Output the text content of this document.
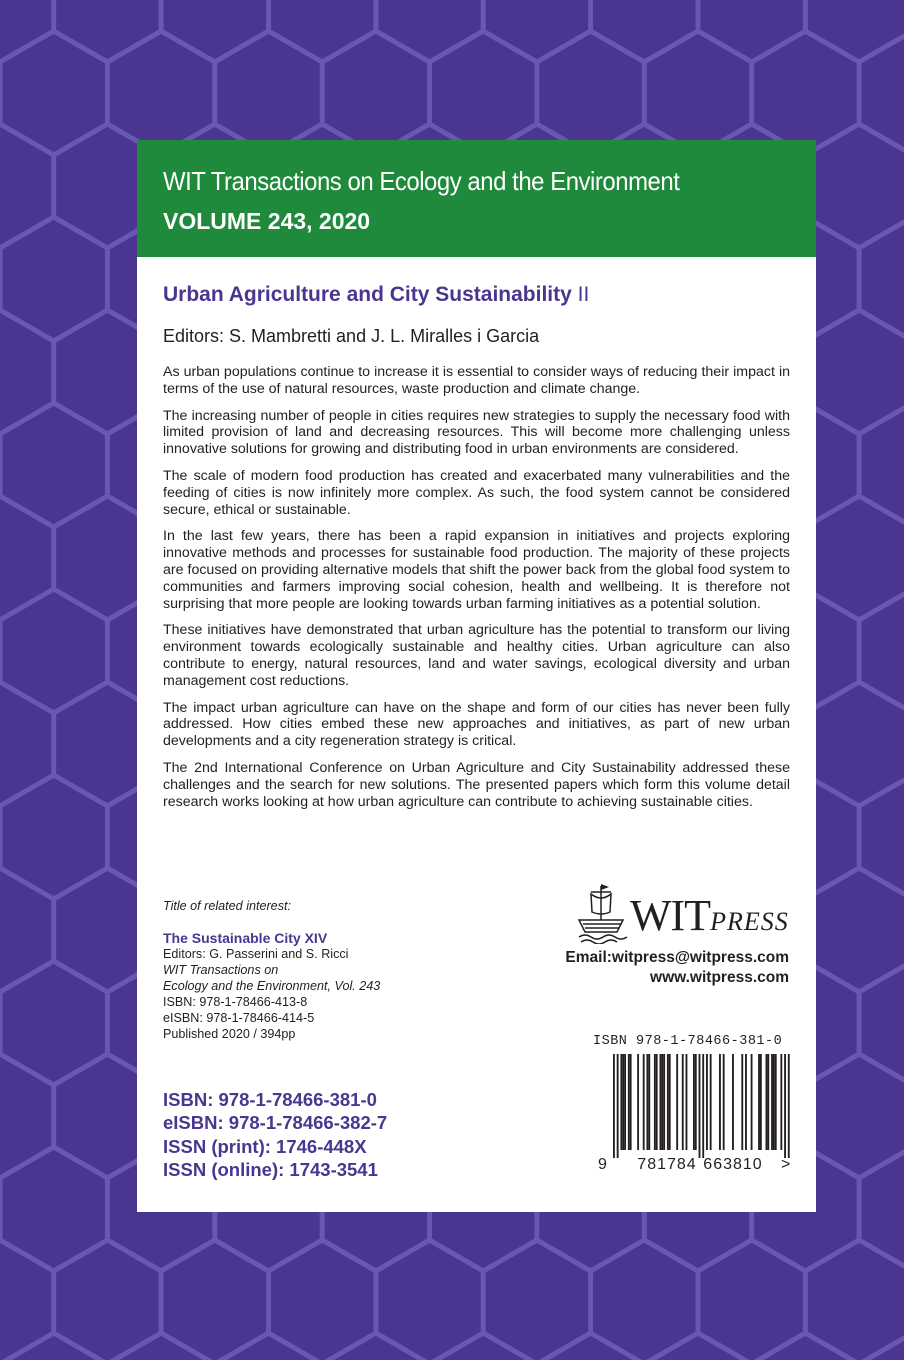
WIT Transactions on Ecology and the Environment
VOLUME 243, 2020
Urban Agriculture and City Sustainability II
Editors: S. Mambretti and J. L. Miralles i Garcia

As urban populations continue to increase it is essential to consider ways of reducing their impact in terms of the use of natural resources, waste production and climate change.

The increasing number of people in cities requires new strategies to supply the necessary food with limited provision of land and decreasing resources. This will become more challenging unless innovative solutions for growing and distributing food in urban environments are considered.

The scale of modern food production has created and exacerbated many vulnerabilities and the feeding of cities is now infinitely more complex. As such, the food system cannot be considered secure, ethical or sustainable.

In the last few years, there has been a rapid expansion in initiatives and projects exploring innovative methods and processes for sustainable food production. The majority of these projects are focused on providing alternative models that shift the power back from the global food system to communities and farmers improving social cohesion, health and wellbeing. It is therefore not surprising that more people are looking towards urban farming initiatives as a potential solution.

These initiatives have demonstrated that urban agriculture has the potential to transform our living environment towards ecologically sustainable and healthy cities. Urban agriculture can also contribute to energy, natural resources, land and water savings, ecological diversity and urban management cost reductions.

The impact urban agriculture can have on the shape and form of our cities has never been fully addressed. How cities embed these new approaches and initiatives, as part of new urban developments and a city regeneration strategy is critical.

The 2nd International Conference on Urban Agriculture and City Sustainability addressed these challenges and the search for new solutions. The presented papers which form this volume detail research works looking at how urban agriculture can contribute to achieving sustainable cities.

Title of related interest:
The Sustainable City XIV
Editors: G. Passerini and S. Ricci
WIT Transactions on
Ecology and the Environment, Vol. 243
ISBN: 978-1-78466-413-8
eISBN: 978-1-78466-414-5
Published 2020 / 394pp
ISBN: 978-1-78466-381-0
eISBN: 978-1-78466-382-7
ISSN (print): 1746-448X
ISSN (online): 1743-3541
WITPRESS
Email:witpress@witpress.com
www.witpress.com
ISBN 978-1-78466-381-0
9 781784 663810 >
